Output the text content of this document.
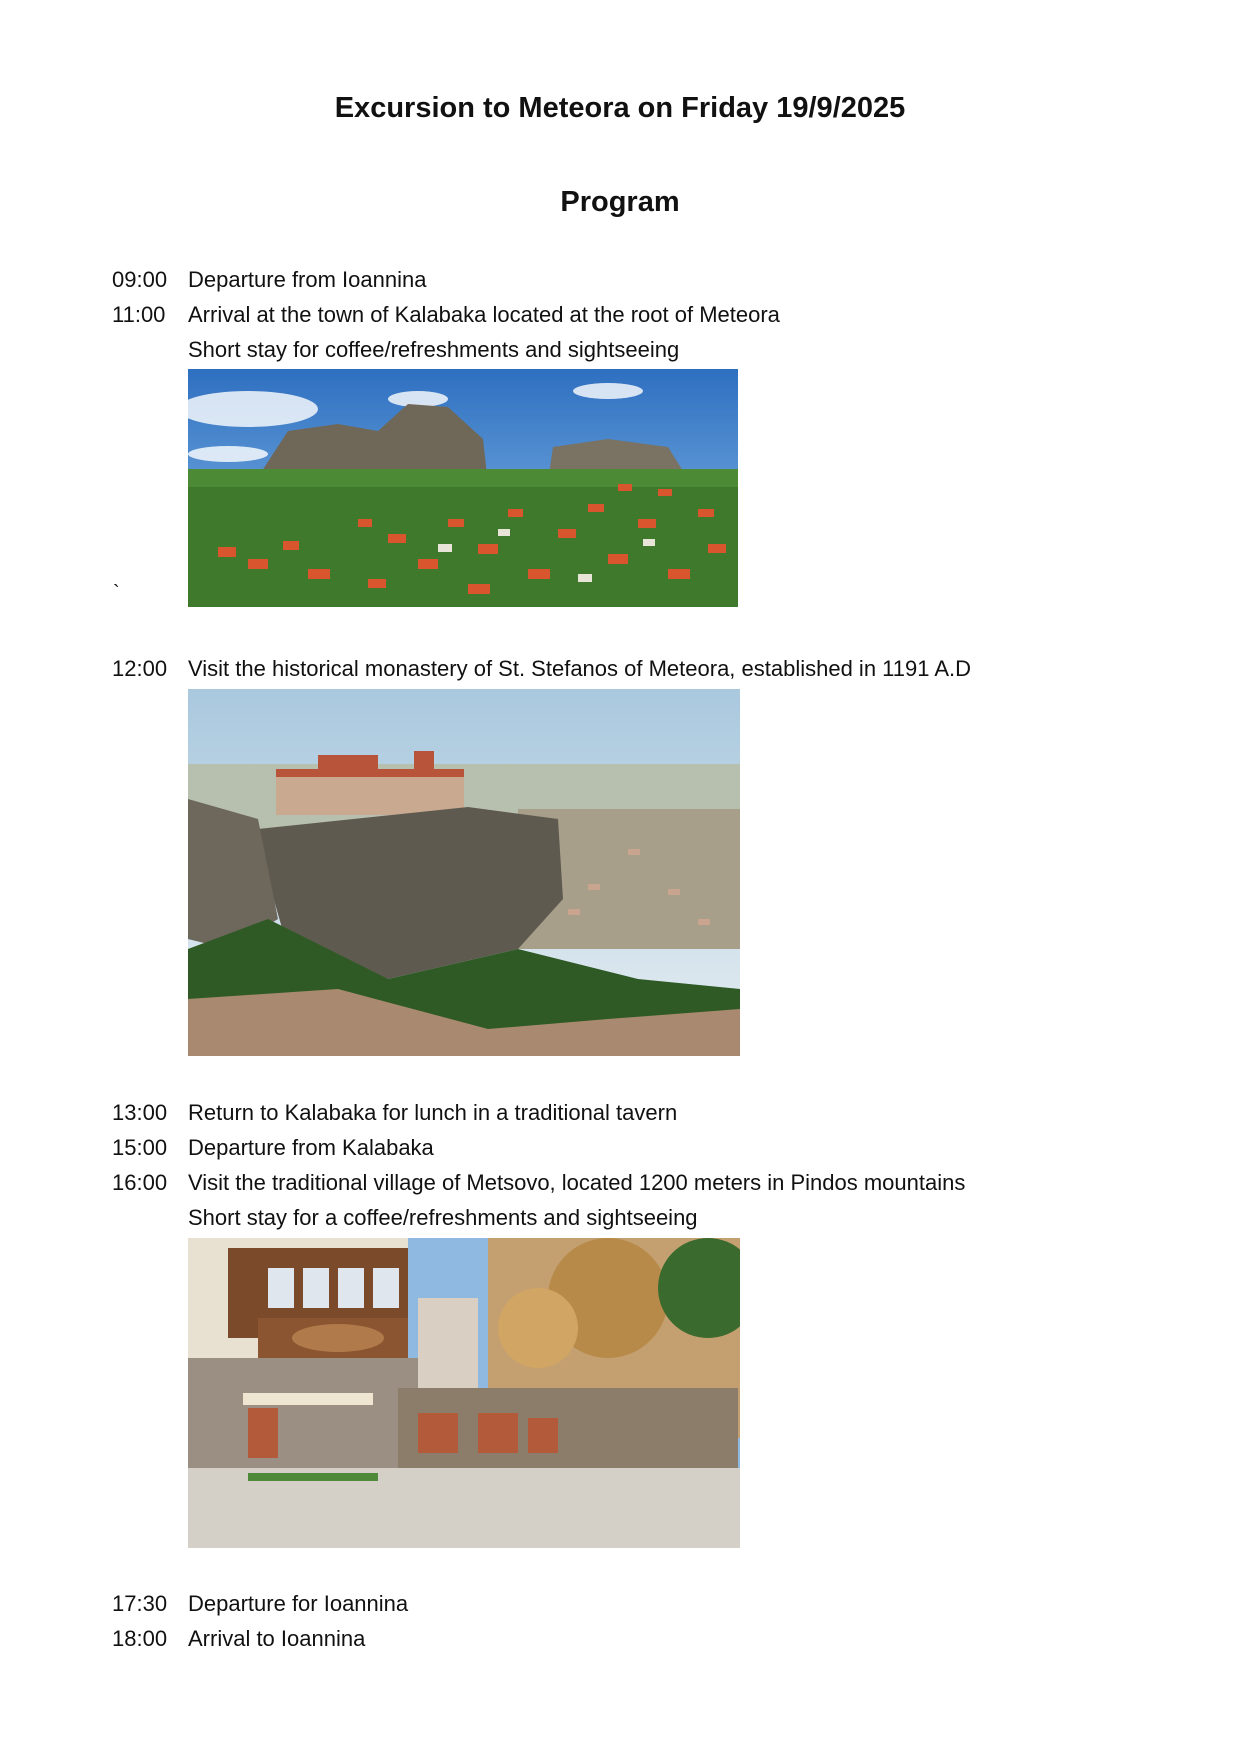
Excursion to Meteora on Friday 19/9/2025
Program
09:00 Departure from Ioannina
11:00 Arrival at the town of Kalabaka located at the root of Meteora
Short stay for coffee/refreshments and sightseeing
`
12:00 Visit the historical monastery of St. Stefanos of Meteora, established in 1191 A.D
13:00 Return to Kalabaka for lunch in a traditional tavern
15:00 Departure from Kalabaka
16:00 Visit the traditional village of Metsovo, located 1200 meters in Pindos mountains
Short stay for a coffee/refreshments and sightseeing
17:30 Departure for Ioannina
18:00 Arrival to Ioannina
